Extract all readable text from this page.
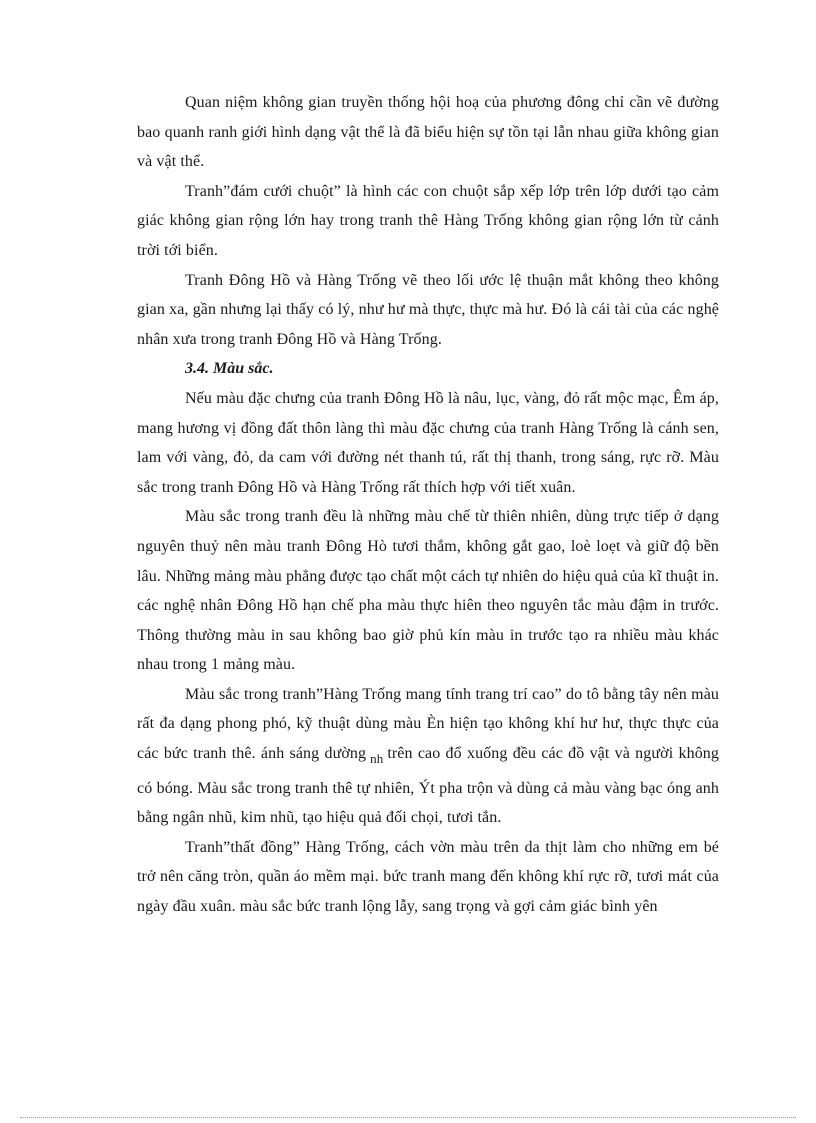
Quan niệm không gian truyền thống hội hoạ của phương đông chỉ cần vẽ đường bao quanh ranh giới hình dạng vật thể là đã biểu hiện sự tồn tại lẫn nhau giữa không gian và vật thể.

Tranh”đám cưới chuột” là hình các con chuột sắp xếp lớp trên lớp dưới tạo cảm giác không gian rộng lớn hay trong tranh thê Hàng Trống không gian rộng lớn từ cảnh trời tới biển.

Tranh Đông Hồ và Hàng Trống vẽ theo lối ước lệ thuận mắt không theo không gian xa, gần nhưng lại thấy có lý, như hư mà thực, thực mà hư. Đó là cái tài của các nghệ nhân xưa trong tranh Đông Hồ và Hàng Trống.

3.4. Màu sắc.

Nếu màu đặc chưng của tranh Đông Hồ là nâu, lục, vàng, đỏ rất mộc mạc, Êm áp, mang hương vị đồng đất thôn làng thì màu đặc chưng của tranh Hàng Trống là cánh sen, lam với vàng, đỏ, da cam với đường nét thanh tú, rất thị thanh, trong sáng, rực rỡ. Màu sắc trong tranh Đông Hồ và Hàng Trống rất thích hợp với tiết xuân.

Màu sắc trong tranh đều là những màu chế từ thiên nhiên, dùng trực tiếp ở dạng nguyên thuỷ nên màu tranh Đông Hò tươi thắm, không gắt gao, loè loẹt và giữ độ bền lâu. Những mảng màu phẳng được tạo chất một cách tự nhiên do hiệu quả của kĩ thuật in. các nghệ nhân Đông Hồ hạn chế pha màu thực hiên theo nguyên tắc màu đậm in trước. Thông thường màu in sau không bao giờ phủ kín màu in trước tạo ra nhiều màu khác nhau trong 1 mảng màu.

Màu sắc trong tranh”Hàng Trống mang tính trang trí cao” do tô bằng tây nên màu rất đa dạng phong phó, kỹ thuật dùng màu Èn hiện tạo không khí hư hư, thực thực của các bức tranh thê. ánh sáng dường $_{nh}$ trên cao đổ xuống đều các đồ vật và người không có bóng. Màu sắc trong tranh thê tự nhiên, Ýt pha trộn và dùng cả màu vàng bạc óng anh bằng ngân nhũ, kim nhũ, tạo hiệu quả đối chọi, tươi tắn.

Tranh”thất đồng” Hàng Trống, cách vờn màu trên da thịt làm cho những em bé trở nên căng tròn, quần áo mềm mại. bức tranh mang đến không khí rực rỡ, tươi mát của ngày đầu xuân. màu sắc bức tranh lộng lẫy, sang trọng và gợi cảm giác bình yên
